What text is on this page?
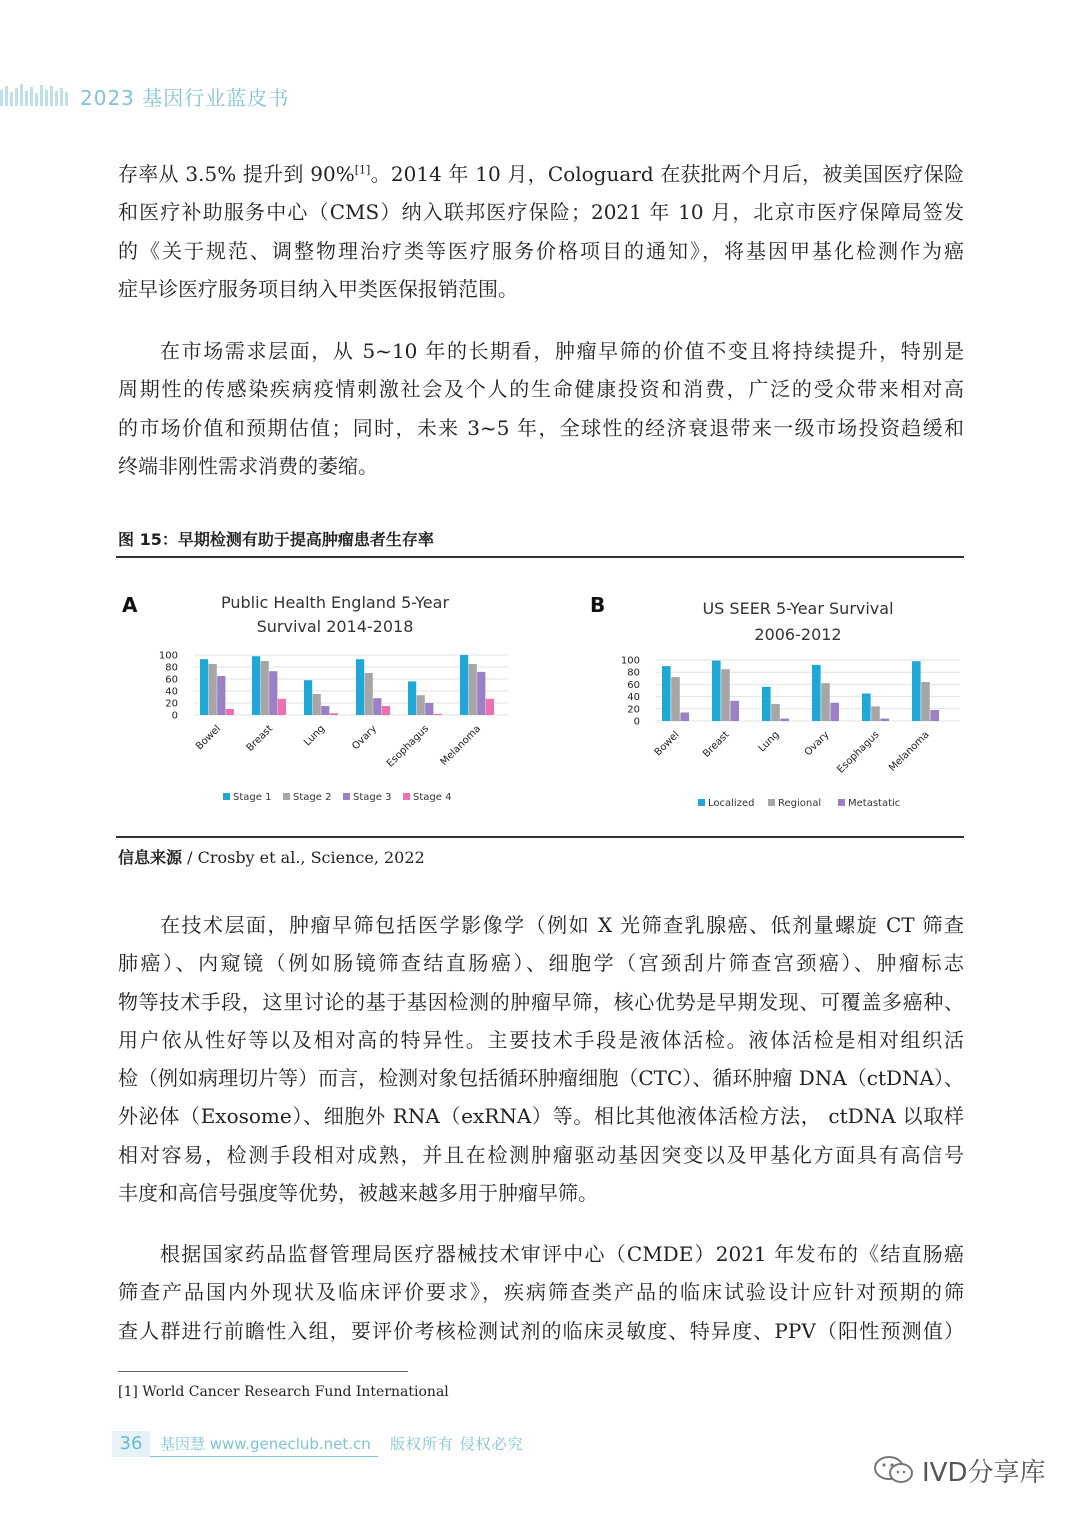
2023 基因行业蓝皮书
存率从 3.5% 提升到 90%[1]。2014 年 10 月，Cologuard 在获批两个月后，被美国医疗保险
和医疗补助服务中心（CMS）纳入联邦医疗保险；2021 年 10 月，北京市医疗保障局签发
的《关于规范、调整物理治疗类等医疗服务价格项目的通知》，将基因甲基化检测作为癌
症早诊医疗服务项目纳入甲类医保报销范围。
在市场需求层面，从 5~10 年的长期看，肿瘤早筛的价值不变且将持续提升，特别是
周期性的传感染疾病疫情刺激社会及个人的生命健康投资和消费，广泛的受众带来相对高
的市场价值和预期估值；同时，未来 3~5 年，全球性的经济衰退带来一级市场投资趋缓和
终端非刚性需求消费的萎缩。
图 15：早期检测有助于提高肿瘤患者生存率
A	Public Health England 5-Year
Survival 2014-2018
100
80
60
40
20
0
Bowel Breast	Lung Ovary Esophagus Melanoma
Stage 1 Stage 2 Stage 3 Stage 4
B	US SEER 5-Year Survival
2006-2012
100
80
60
40
20
0
Bowel Breast Lung Ovary Esophagus Melanoma
Localized Regional	Metastatic
信息来源 / Crosby et al., Science, 2022
在技术层面，肿瘤早筛包括医学影像学（例如 X 光筛查乳腺癌、低剂量螺旋 CT 筛查
肺癌）、内窥镜（例如肠镜筛查结直肠癌）、细胞学（宫颈刮片筛查宫颈癌）、肿瘤标志
物等技术手段，这里讨论的基于基因检测的肿瘤早筛，核心优势是早期发现、可覆盖多癌种、
用户依从性好等以及相对高的特异性。主要技术手段是液体活检。液体活检是相对组织活
检（例如病理切片等）而言，检测对象包括循环肿瘤细胞（CTC）、循环肿瘤 DNA（ctDNA）、
外泌体（Exosome）、细胞外 RNA（exRNA）等。相比其他液体活检方法， ctDNA 以取样
相对容易，检测手段相对成熟，并且在检测肿瘤驱动基因突变以及甲基化方面具有高信号
丰度和高信号强度等优势，被越来越多用于肿瘤早筛。
根据国家药品监督管理局医疗器械技术审评中心（CMDE）2021 年发布的《结直肠癌
筛查产品国内外现状及临床评价要求》，疾病筛查类产品的临床试验设计应针对预期的筛
查人群进行前瞻性入组，要评价考核检测试剂的临床灵敏度、特异度、PPV（阳性预测值）
[1] World Cancer Research Fund International
36	基因慧 www.geneclub.net.cn 版权所有 侵权必究
IVD分享库
